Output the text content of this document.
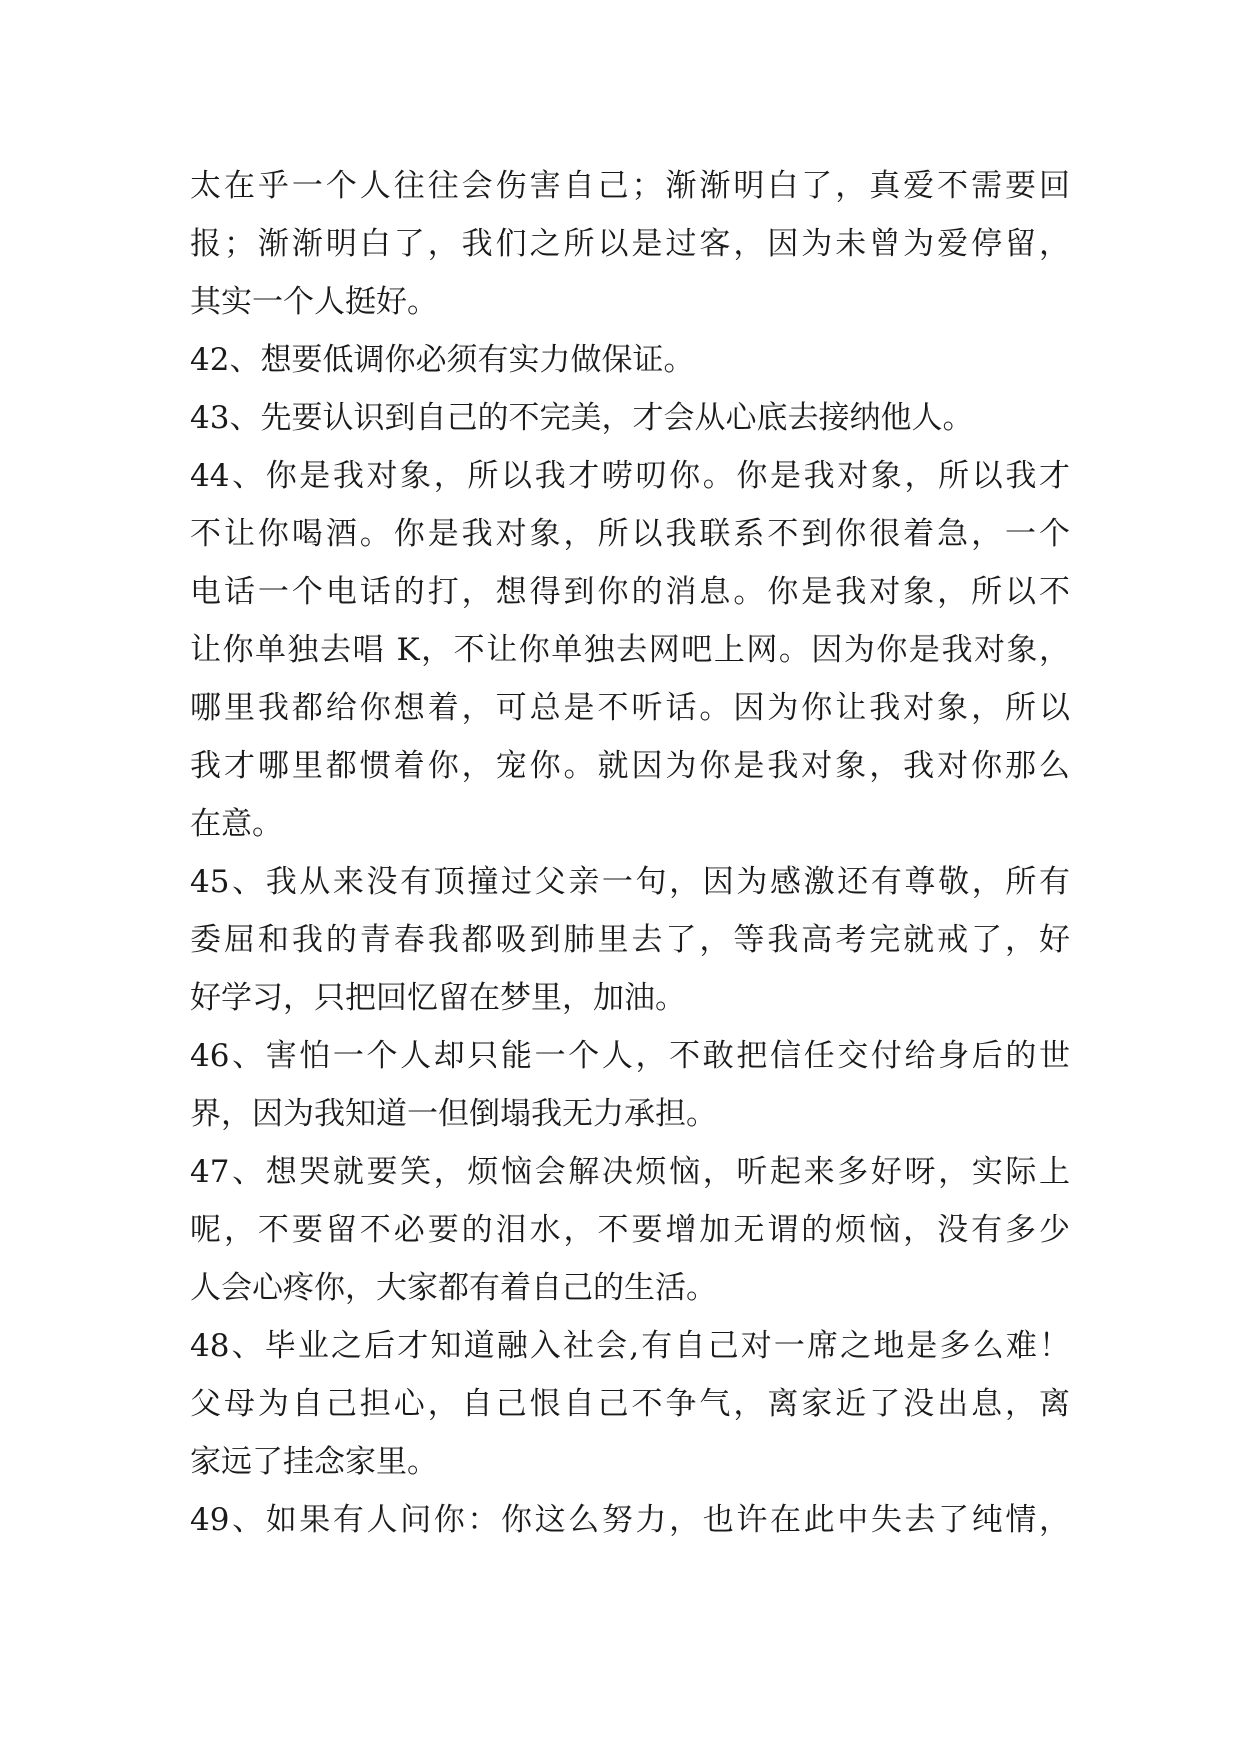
太在乎一个人往往会伤害自己；渐渐明白了，真爱不需要回
报；渐渐明白了，我们之所以是过客，因为未曾为爱停留，
其实一个人挺好。
42、想要低调你必须有实力做保证。
43、先要认识到自己的不完美，才会从心底去接纳他人。
44、你是我对象，所以我才唠叨你。你是我对象，所以我才
不让你喝酒。你是我对象，所以我联系不到你很着急，一个
电话一个电话的打，想得到你的消息。你是我对象，所以不
让你单独去唱 K，不让你单独去网吧上网。因为你是我对象，
哪里我都给你想着，可总是不听话。因为你让我对象，所以
我才哪里都惯着你，宠你。就因为你是我对象，我对你那么
在意。
45、我从来没有顶撞过父亲一句，因为感激还有尊敬，所有
委屈和我的青春我都吸到肺里去了，等我高考完就戒了，好
好学习，只把回忆留在梦里，加油。
46、害怕一个人却只能一个人，不敢把信任交付给身后的世
界，因为我知道一但倒塌我无力承担。
47、想哭就要笑，烦恼会解决烦恼，听起来多好呀，实际上
呢，不要留不必要的泪水，不要增加无谓的烦恼，没有多少
人会心疼你，大家都有着自己的生活。
48、毕业之后才知道融入社会,有自己对一席之地是多么难！
父母为自己担心，自己恨自己不争气，离家近了没出息，离
家远了挂念家里。
49、如果有人问你：你这么努力，也许在此中失去了纯情，
